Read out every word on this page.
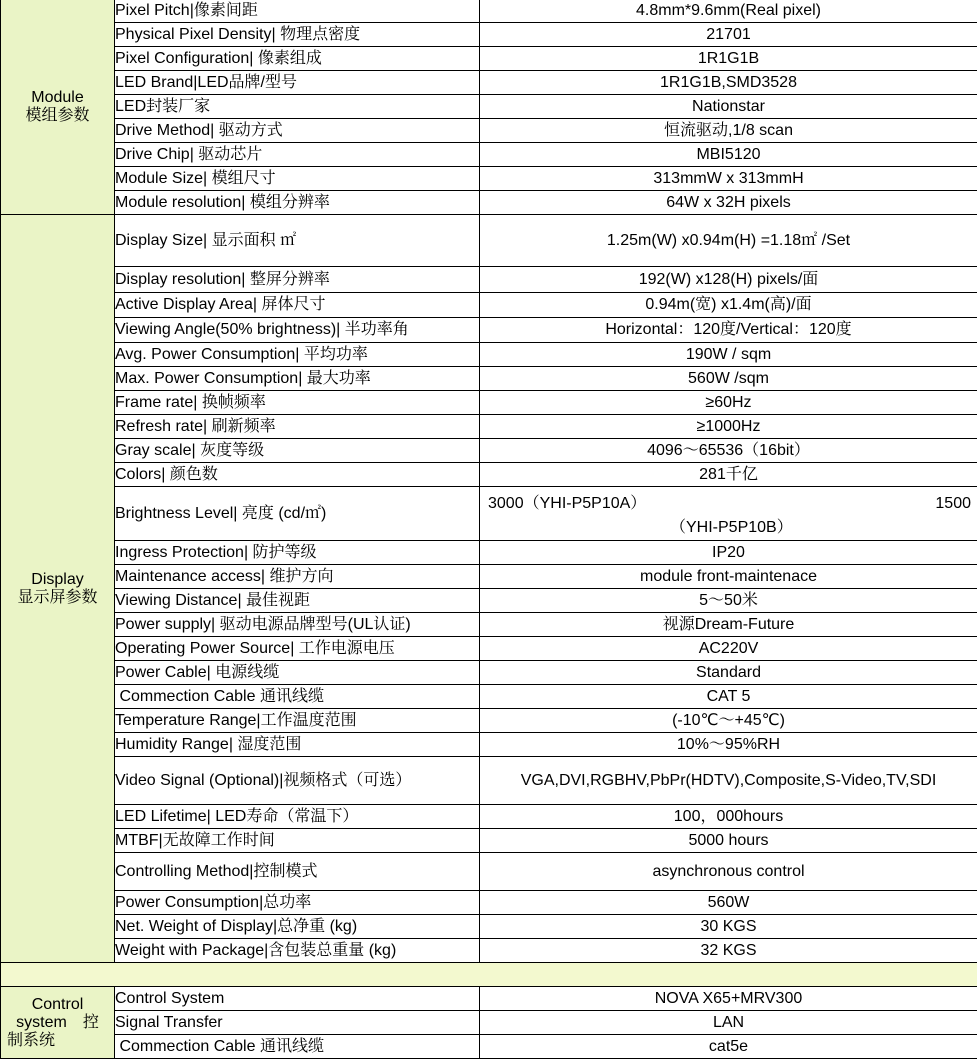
Module
模组参数	Pixel Pitch|像素间距	4.8mm*9.6mm(Real pixel)
	Physical Pixel Density| 物理点密度	21701
	Pixel Configuration| 像素组成	1R1G1B
	LED Brand|LED品牌/型号	1R1G1B,SMD3528
	LED封装厂家	Nationstar
	Drive Method| 驱动方式	恒流驱动,1/8 scan
	Drive Chip| 驱动芯片	MBI5120
	Module Size| 模组尺寸	313mmW x 313mmH
	Module resolution| 模组分辨率	64W x 32H pixels

Display
显示屏参数	Display Size| 显示面积 ㎡	1.25m(W) x0.94m(H) =1.18㎡ /Set
	Display resolution| 整屏分辨率	192(W) x128(H) pixels/面
	Active Display Area| 屏体尺寸	0.94m(宽) x1.4m(高)/面
	Viewing Angle(50% brightness)| 半功率角	Horizontal：120度/Vertical：120度
	Avg. Power Consumption| 平均功率	190W / sqm
	Max. Power Consumption| 最大功率	560W /sqm
	Frame rate| 换帧频率	≥60Hz
	Refresh rate| 刷新频率	≥1000Hz
	Gray scale| 灰度等级	4096～65536（16bit）
	Colors| 颜色数	281千亿
	Brightness Level| 亮度 (cd/㎡)	3000（YHI-P5P10A） 1500
（YHI-P5P10B）

	Ingress Protection| 防护等级	IP20
	Maintenance access| 维护方向	module front-maintenace
	Viewing Distance| 最佳视距	5～50米
	Power supply| 驱动电源品牌型号(UL认证)	视源Dream-Future
	Operating Power Source| 工作电源电压	AC220V
	Power Cable| 电源线缆	Standard
	Commection Cable 通讯线缆	CAT 5
	Temperature Range|工作温度范围	(-10℃～+45℃)
	Humidity Range| 湿度范围	10%～95%RH
	Video Signal (Optional)|视频格式（可选）	VGA,DVI,RGBHV,PbPr(HDTV),Composite,S-Video,TV,SDI
	LED Lifetime| LED寿命（常温下）	100，000hours
	MTBF|无故障工作时间	5000 hours
	Controlling Method|控制模式	asynchronous control
	Power Consumption|总功率	560W
	Net. Weight of Display|总净重 (kg)	30 KGS
	Weight with Package|含包装总重量 (kg)	32 KGS

Control
system　控
制系统	Control System	NOVA X65+MRV300
	Signal Transfer	LAN
	Commection Cable 通讯线缆	cat5e
